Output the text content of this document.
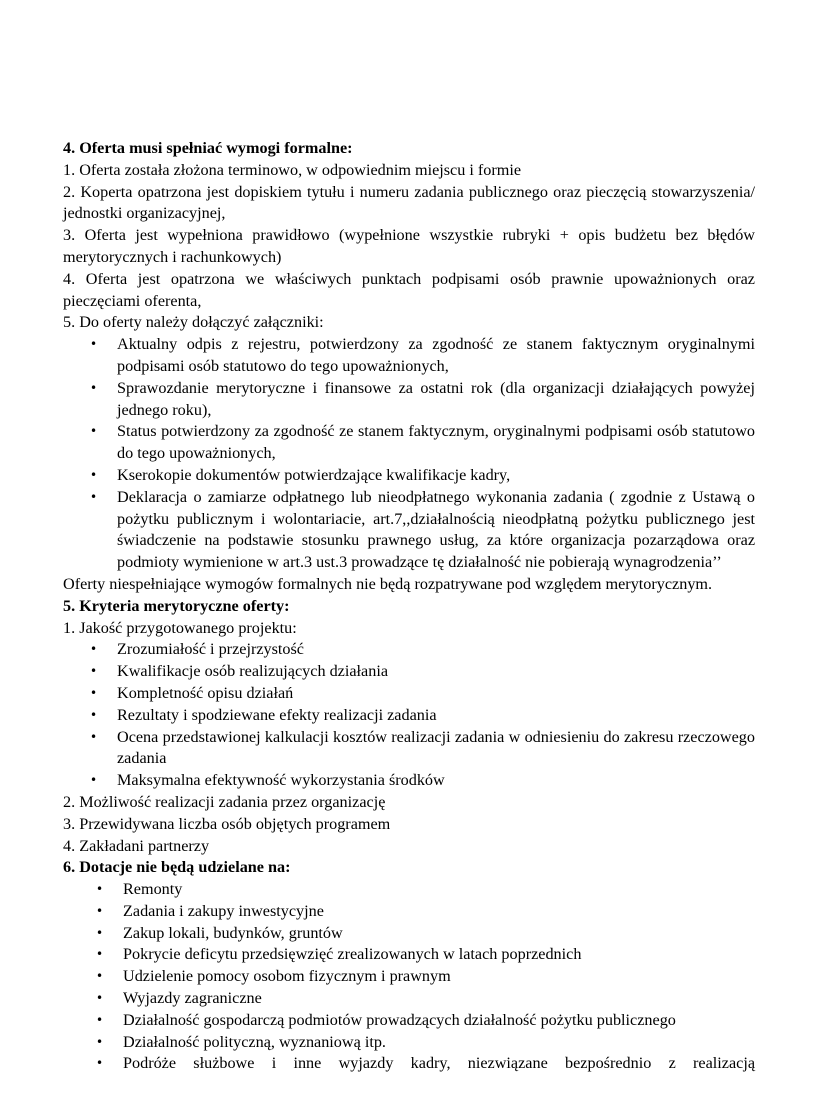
4. Oferta musi spełniać wymogi formalne:

1. Oferta została złożona terminowo, w odpowiednim miejscu i formie

2. Koperta opatrzona jest dopiskiem tytułu i numeru zadania publicznego oraz pieczęcią stowarzyszenia/ jednostki organizacyjnej,

3. Oferta jest wypełniona prawidłowo (wypełnione wszystkie rubryki + opis budżetu bez błędów merytorycznych i rachunkowych)

4. Oferta jest opatrzona we właściwych punktach podpisami osób prawnie upoważnionych oraz pieczęciami oferenta,

5. Do oferty należy dołączyć załączniki:

• Aktualny odpis z rejestru, potwierdzony za zgodność ze stanem faktycznym oryginalnymi podpisami osób statutowo do tego upoważnionych,
• Sprawozdanie merytoryczne i finansowe za ostatni rok (dla organizacji działających powyżej jednego roku),
• Status potwierdzony za zgodność ze stanem faktycznym, oryginalnymi podpisami osób statutowo do tego upoważnionych,
• Kserokopie dokumentów potwierdzające kwalifikacje kadry,
• Deklaracja o zamiarze odpłatnego lub nieodpłatnego wykonania zadania ( zgodnie z Ustawą o pożytku publicznym i wolontariacie, art.7,,działalnością nieodpłatną pożytku publicznego jest świadczenie na podstawie stosunku prawnego usług, za które organizacja pozarządowa oraz podmioty wymienione w art.3 ust.3 prowadzące tę działalność nie pobierają wynagrodzenia’’

Oferty niespełniające wymogów formalnych nie będą rozpatrywane pod względem merytorycznym.

5. Kryteria merytoryczne oferty:

1. Jakość przygotowanego projektu:

• Zrozumiałość i przejrzystość
• Kwalifikacje osób realizujących działania
• Kompletność opisu działań
• Rezultaty i spodziewane efekty realizacji zadania
• Ocena przedstawionej kalkulacji kosztów realizacji zadania w odniesieniu do zakresu rzeczowego zadania
• Maksymalna efektywność wykorzystania środków

2. Możliwość realizacji zadania przez organizację

3. Przewidywana liczba osób objętych programem

4. Zakładani partnerzy

6. Dotacje nie będą udzielane na:

• Remonty
• Zadania i zakupy inwestycyjne
• Zakup lokali, budynków, gruntów
• Pokrycie deficytu przedsięwzięć zrealizowanych w latach poprzednich
• Udzielenie pomocy osobom fizycznym i prawnym
• Wyjazdy zagraniczne
• Działalność gospodarczą podmiotów prowadzących działalność pożytku publicznego
• Działalność polityczną, wyznaniową itp.
• Podróże służbowe i inne wyjazdy kadry, niezwiązane bezpośrednio z realizacją
